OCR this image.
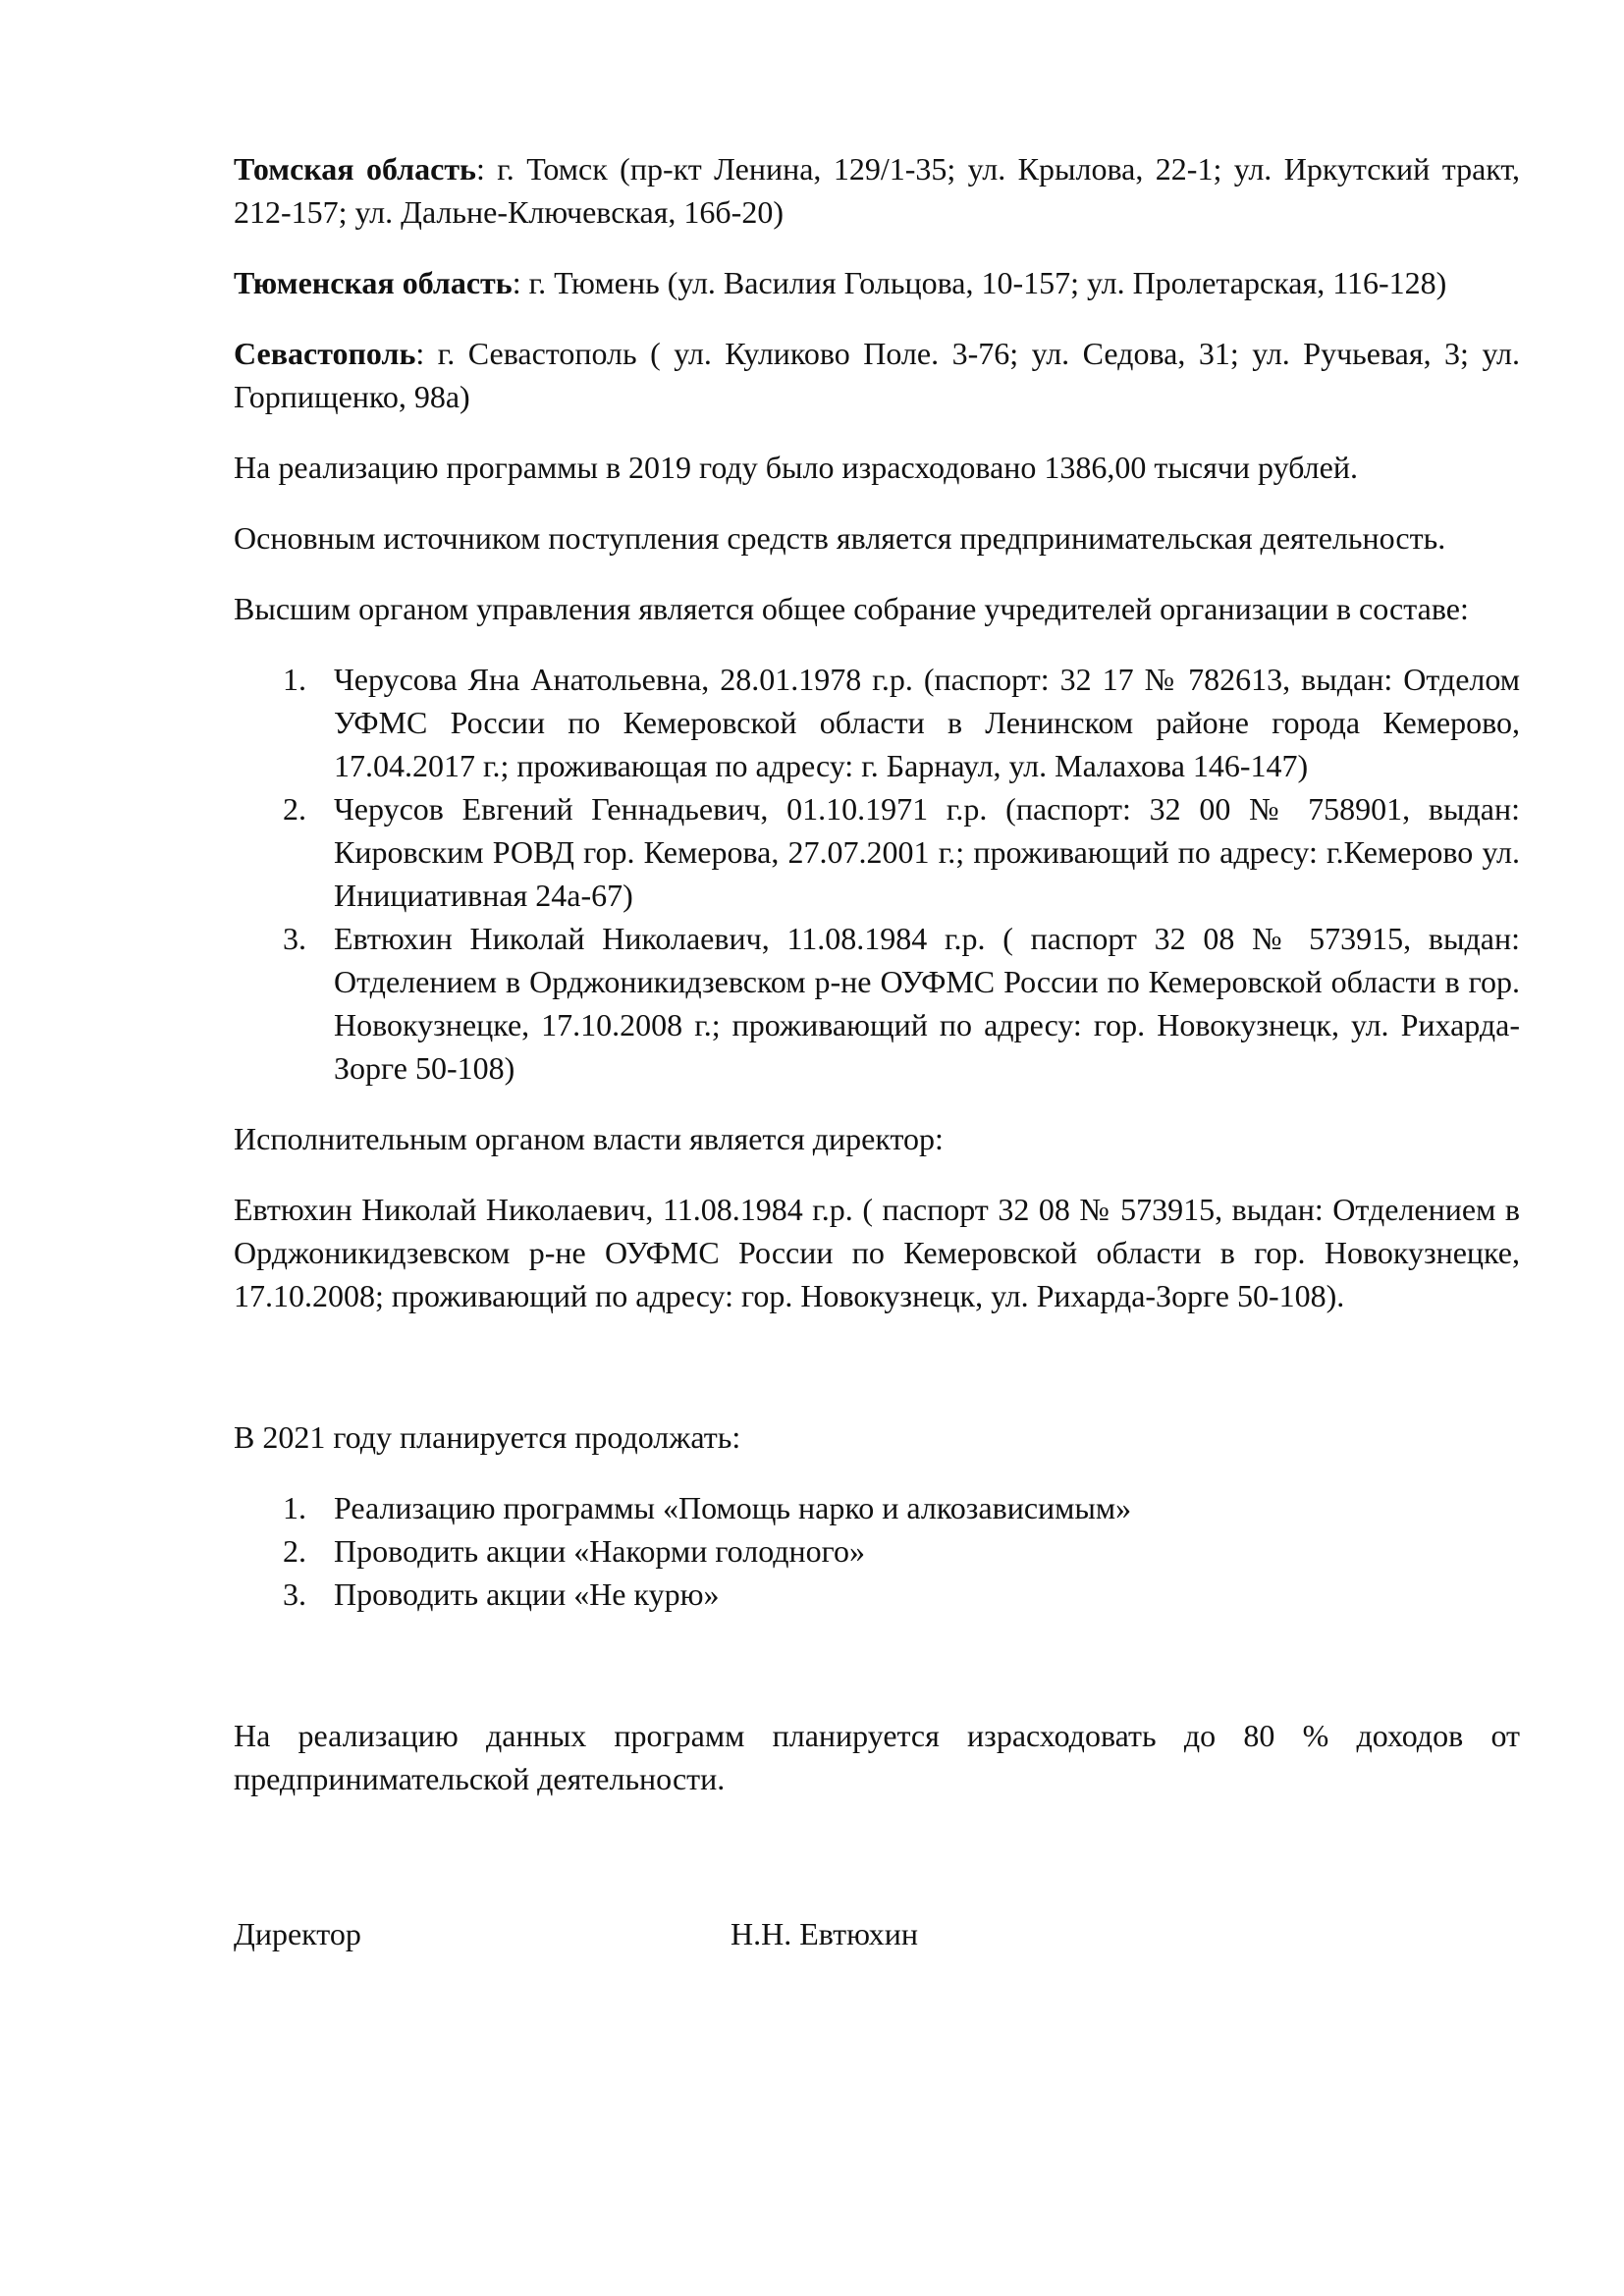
Томская область: г. Томск (пр-кт Ленина, 129/1-35; ул. Крылова, 22-1; ул. Иркутский тракт, 212-157; ул. Дальне-Ключевская, 16б-20)

Тюменская область: г. Тюмень (ул. Василия Гольцова, 10-157; ул. Пролетарская, 116-128)

Севастополь: г. Севастополь ( ул. Куликово Поле. 3-76; ул. Седова, 31; ул. Ручьевая, 3; ул. Горпищенко, 98а)

На реализацию программы в 2019 году было израсходовано 1386,00 тысячи рублей.

Основным источником поступления средств является предпринимательская деятельность.

Высшим органом управления является общее собрание учредителей организации в составе:

1. Черусова Яна Анатольевна, 28.01.1978 г.р. (паспорт: 32 17 № 782613, выдан: Отделом УФМС России по Кемеровской области в Ленинском районе города Кемерово, 17.04.2017 г.; проживающая по адресу: г. Барнаул, ул. Малахова 146-147)
2. Черусов Евгений Геннадьевич, 01.10.1971 г.р. (паспорт: 32 00 № 758901, выдан: Кировским РОВД гор. Кемерова, 27.07.2001 г.; проживающий по адресу: г.Кемерово ул. Инициативная 24а-67)
3. Евтюхин Николай Николаевич, 11.08.1984 г.р. ( паспорт 32 08 № 573915, выдан: Отделением в Орджоникидзевском р-не ОУФМС России по Кемеровской области в гор. Новокузнецке, 17.10.2008 г.; проживающий по адресу: гор. Новокузнецк, ул. Рихарда-Зорге 50-108)

Исполнительным органом власти является директор:

Евтюхин Николай Николаевич, 11.08.1984 г.р. ( паспорт 32 08 № 573915, выдан: Отделением в Орджоникидзевском р-не ОУФМС России по Кемеровской области в гор. Новокузнецке, 17.10.2008; проживающий по адресу: гор. Новокузнецк, ул. Рихарда-Зорге 50-108).

В 2021 году планируется продолжать:

1. Реализацию программы «Помощь нарко и алкозависимым»
2. Проводить акции «Накорми голодного»
3. Проводить акции «Не курю»

На реализацию данных программ планируется израсходовать до 80 % доходов от предпринимательской деятельности.

Директор	Н.Н. Евтюхин
